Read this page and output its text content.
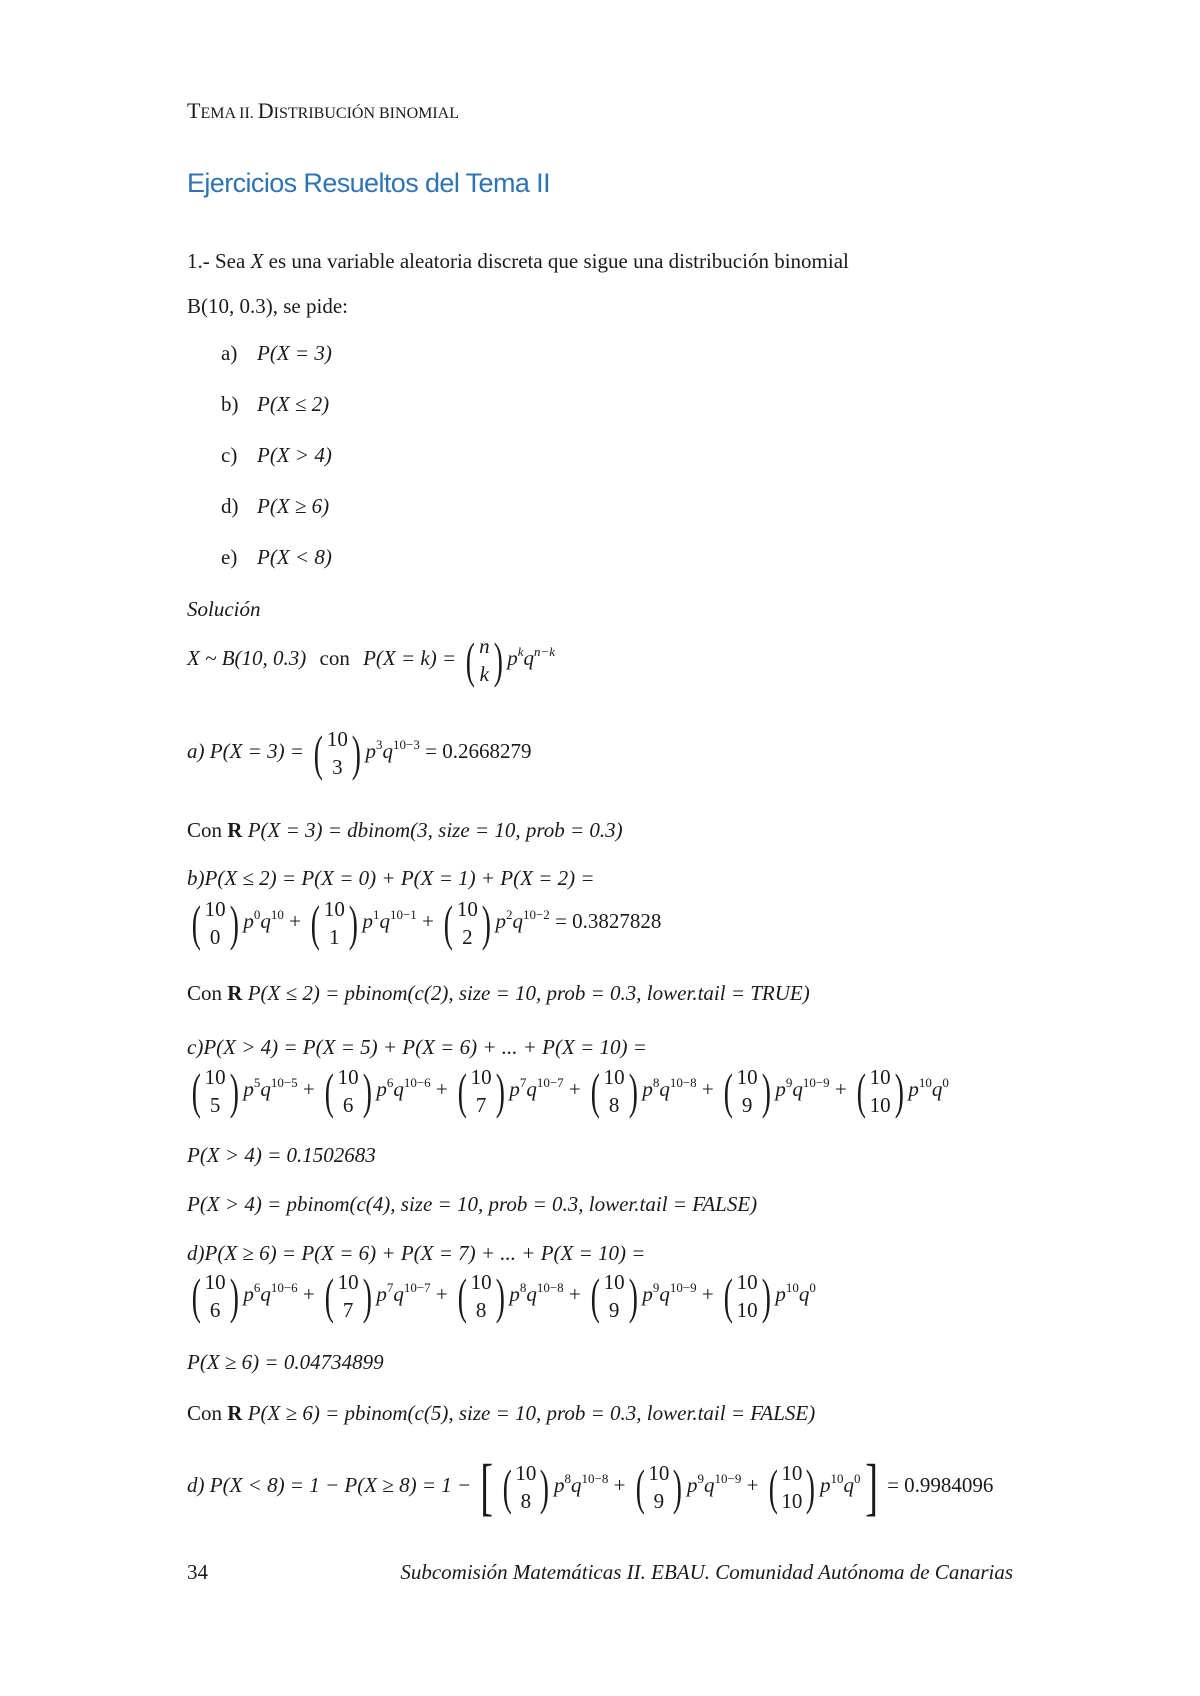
TEMA II. DISTRIBUCIÓN BINOMIAL
Ejercicios Resueltos del Tema II
1.- Sea X es una variable aleatoria discreta que sigue una distribución binomial
B(10, 0.3), se pide:
a) P(X = 3)
b) P(X ≤ 2)
c) P(X > 4)
d) P(X ≥ 6)
e) P(X < 8)
Solución
X ~ B(10, 0.3) con P(X = k) = ( n
k ) $p^kq^{n-k}$
a) P(X = 3) = ( 10
3 ) $p^3q^{10-3} = 0.2668279$
Con R P(X = 3) = dbinom(3, size = 10, prob = 0.3)
b)P(X ≤ 2) = P(X = 0) + P(X = 1) + P(X = 2) =
( 10
0 ) $p^0q^{10}$ + ( 10
1 ) $p^1q^{10-1}$ + ( 10
2 ) $p^2q^{10-2} = 0.3827828$
Con R P(X ≤ 2) = pbinom(c(2), size = 10, prob = 0.3, lower.tail = TRUE)
c)P(X > 4) = P(X = 5) + P(X = 6) + ... + P(X = 10) =
( 10
5 ) $p^5q^{10-5}$ + ( 10
6 ) $p^6q^{10-6}$ + ( 10
7 ) $p^7q^{10-7}$ + ( 10
8 ) $p^8q^{10-8}$ + ( 10
9 ) $p^9q^{10-9}$ + ( 10
10 ) $p^{10}q^0$
P(X > 4) = 0.1502683
P(X > 4) = pbinom(c(4), size = 10, prob = 0.3, lower.tail = FALSE)
d)P(X ≥ 6) = P(X = 6) + P(X = 7) + ... + P(X = 10) =
( 10
6 ) $p^6q^{10-6}$ + ( 10
7 ) $p^7q^{10-7}$ + ( 10
8 ) $p^8q^{10-8}$ + ( 10
9 ) $p^9q^{10-9}$ + ( 10
10 ) $p^{10}q^0$
P(X ≥ 6) = 0.04734899
Con R P(X ≥ 6) = pbinom(c(5), size = 10, prob = 0.3, lower.tail = FALSE)
d) P(X < 8) = 1 − P(X ≥ 8) = 1 − [ ( 10
8 ) $p^8q^{10-8}$ + ( 10
9 ) $p^9q^{10-9}$ + ( 10
10 ) $p^{10}q^0] = 0.9984096$
34	Subcomisión Matemáticas II. EBAU. Comunidad Autónoma de Canarias
